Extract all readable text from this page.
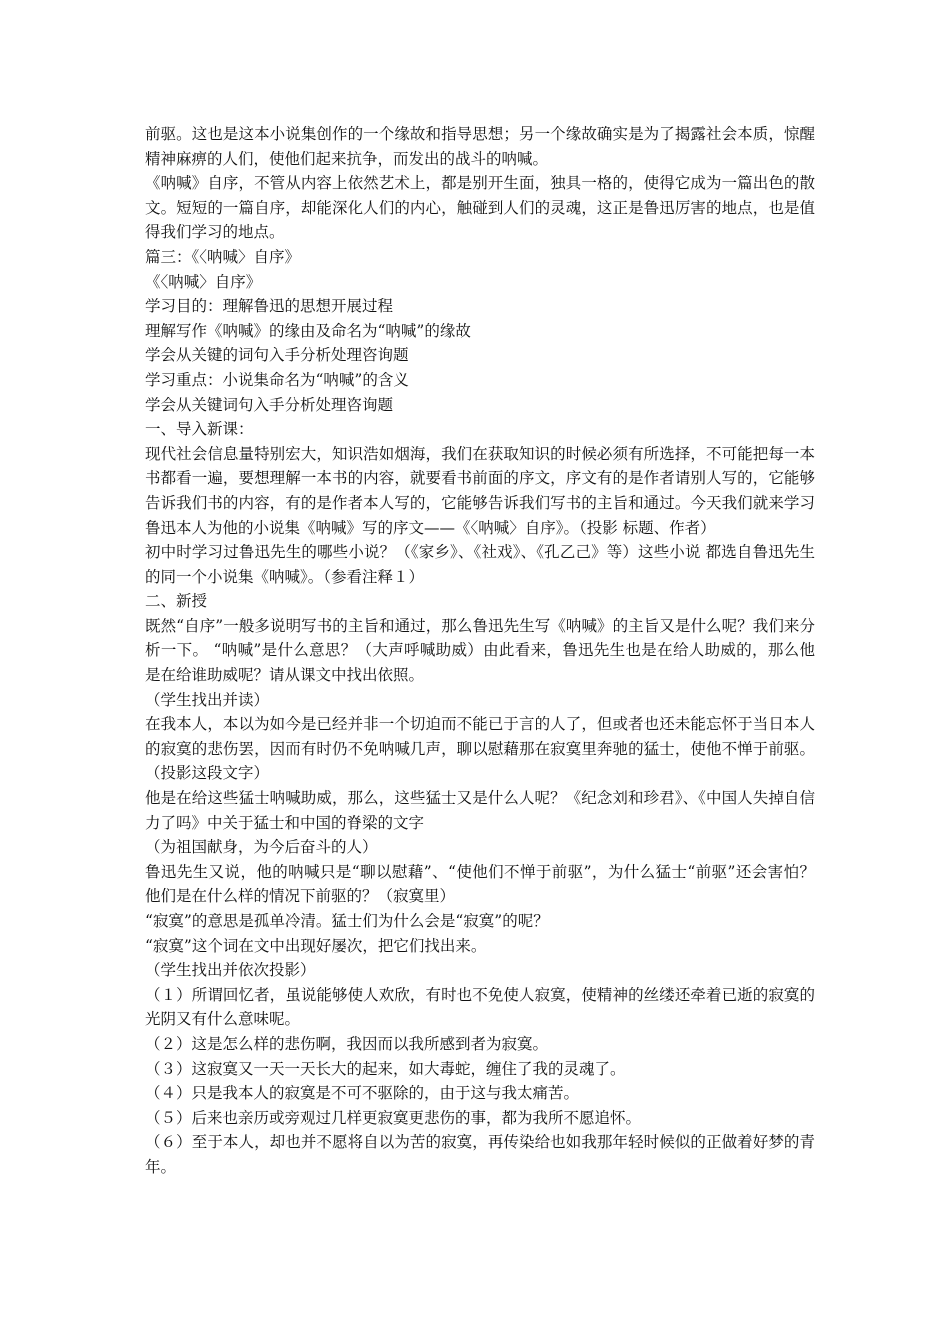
前驱。这也是这本小说集创作的一个缘故和指导思想；另一个缘故确实是为了揭露社会本质，惊醒精神麻痹的人们，使他们起来抗争，而发出的战斗的呐喊。

《呐喊》自序，不管从内容上依然艺术上，都是别开生面，独具一格的，使得它成为一篇出色的散文。短短的一篇自序，却能深化人们的内心，触碰到人们的灵魂，这正是鲁迅厉害的地点，也是值得我们学习的地点。

篇三：《〈呐喊〉自序》

《〈呐喊〉自序》

学习目的：理解鲁迅的思想开展过程

理解写作《呐喊》的缘由及命名为“呐喊”的缘故

学会从关键的词句入手分析处理咨询题

学习重点：小说集命名为“呐喊”的含义

学会从关键词句入手分析处理咨询题

一、导入新课：

现代社会信息量特别宏大，知识浩如烟海，我们在获取知识的时候必须有所选择，不可能把每一本书都看一遍，要想理解一本书的内容，就要看书前面的序文，序文有的是作者请别人写的，它能够告诉我们书的内容，有的是作者本人写的，它能够告诉我们写书的主旨和通过。今天我们就来学习鲁迅本人为他的小说集《呐喊》写的序文——《〈呐喊〉自序》。（投影 标题、作者）

初中时学习过鲁迅先生的哪些小说？（《家乡》、《社戏》、《孔乙己》等）这些小说 都选自鲁迅先生的同一个小说集《呐喊》。（参看注释１）

二、新授

既然“自序”一般多说明写书的主旨和通过，那么鲁迅先生写《呐喊》的主旨又是什么呢？我们来分析一下。 “呐喊”是什么意思？（大声呼喊助威）由此看来，鲁迅先生也是在给人助威的，那么他是在给谁助威呢？请从课文中找出依照。

（学生找出并读）

在我本人，本以为如今是已经并非一个切迫而不能已于言的人了，但或者也还未能忘怀于当日本人的寂寞的悲伤罢，因而有时仍不免呐喊几声，聊以慰藉那在寂寞里奔驰的猛士，使他不惮于前驱。（投影这段文字）

他是在给这些猛士呐喊助威，那么，这些猛士又是什么人呢？《纪念刘和珍君》、《中国人失掉自信力了吗》中关于猛士和中国的脊梁的文字

（为祖国献身，为今后奋斗的人）

鲁迅先生又说，他的呐喊只是“聊以慰藉”、“使他们不惮于前驱”，为什么猛士“前驱”还会害怕？ 他们是在什么样的情况下前驱的？（寂寞里）

“寂寞”的意思是孤单冷清。猛士们为什么会是“寂寞”的呢？

“寂寞”这个词在文中出现好屡次，把它们找出来。

（学生找出并依次投影）

（１）所谓回忆者，虽说能够使人欢欣，有时也不免使人寂寞，使精神的丝缕还牵着已逝的寂寞的光阴又有什么意味呢。

（２）这是怎么样的悲伤啊，我因而以我所感到者为寂寞。

（３）这寂寞又一天一天长大的起来，如大毒蛇，缠住了我的灵魂了。

（４）只是我本人的寂寞是不可不驱除的，由于这与我太痛苦。

（５）后来也亲历或旁观过几样更寂寞更悲伤的事，都为我所不愿追怀。

（６）至于本人，却也并不愿将自以为苦的寂寞，再传染给也如我那年轻时候似的正做着好梦的青年。
